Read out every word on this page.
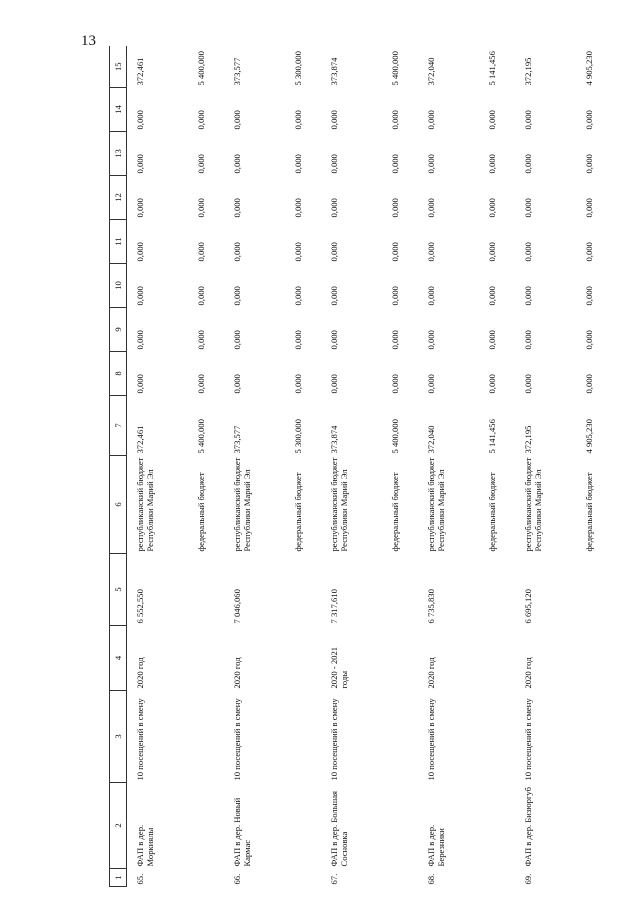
13
1	2	3	4	5	6	7	8	9	10	11	12	13	14	15
65.	ФАП в дер. Моркиялы	10 посещений в смену	2020 год	6 552,550	республиканский бюджет Республики Марий Эл	372,461	0,000	0,000	0,000	0,000	0,000	0,000	0,000	372,461
					федеральный бюджет	5 400,000	0,000	0,000	0,000	0,000	0,000	0,000	0,000	5 400,000
66.	ФАП в дер. Новый Кармас	10 посещений в смену	2020 год	7 046,060	республиканский бюджет Республики Марий Эл	373,577	0,000	0,000	0,000	0,000	0,000	0,000	0,000	373,577
					федеральный бюджет	5 300,000	0,000	0,000	0,000	0,000	0,000	0,000	0,000	5 300,000
67.	ФАП в дер. Большая Сосновка	10 посещений в смену	2020 - 2021 годы	7 317,610	республиканский бюджет Республики Марий Эл	373,874	0,000	0,000	0,000	0,000	0,000	0,000	0,000	373,874
					федеральный бюджет	5 400,000	0,000	0,000	0,000	0,000	0,000	0,000	0,000	5 400,000
68.	ФАП в дер. Березники	10 посещений в смену	2020 год	6 735,830	республиканский бюджет Республики Марий Эл	372,040	0,000	0,000	0,000	0,000	0,000	0,000	0,000	372,040
					федеральный бюджет	5 141,456	0,000	0,000	0,000	0,000	0,000	0,000	0,000	5 141,456
69.	ФАП в дер. Бизюргуб	10 посещений в смену	2020 год	6 695,120	республиканский бюджет Республики Марий Эл	372,195	0,000	0,000	0,000	0,000	0,000	0,000	0,000	372,195
					федеральный бюджет	4 905,230	0,000	0,000	0,000	0,000	0,000	0,000	0,000	4 905,230
